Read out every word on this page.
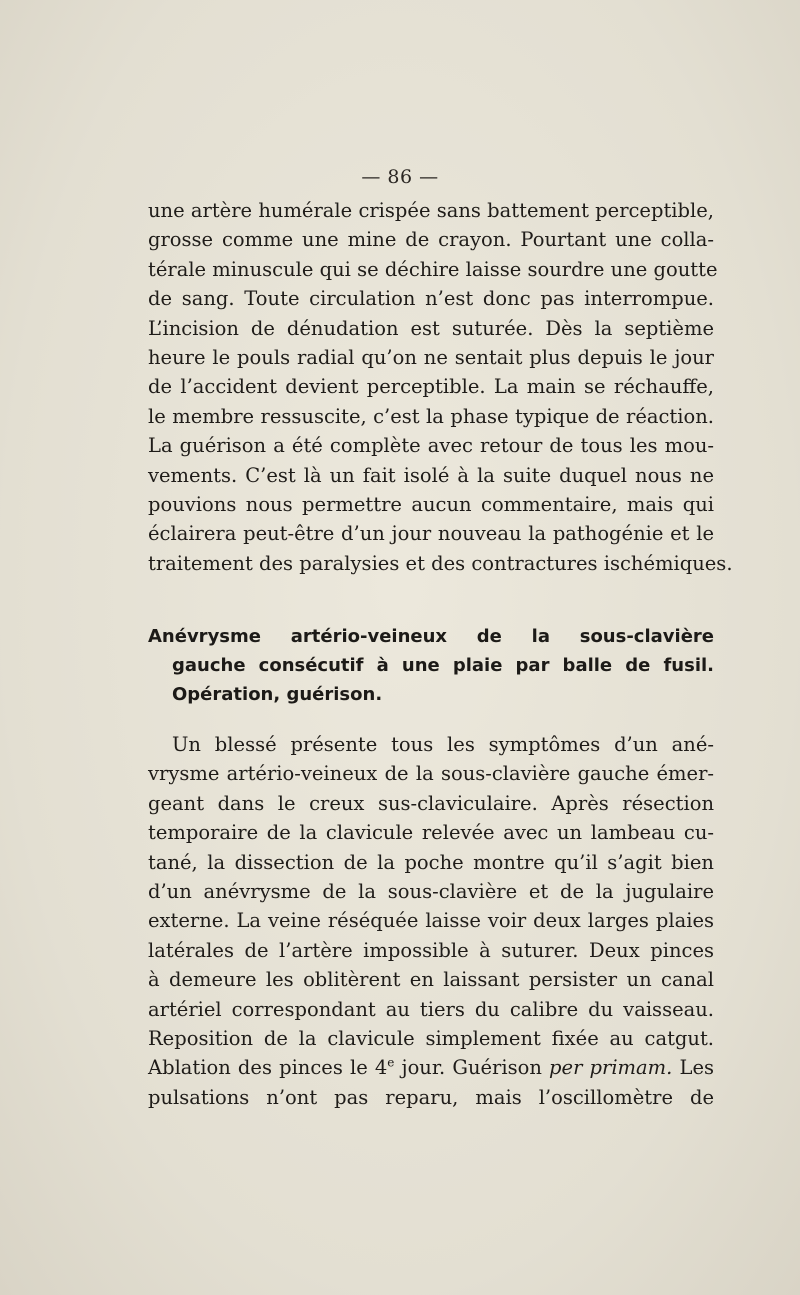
— 86 —
une artère humérale crispée sans battement perceptible,
grosse comme une mine de crayon. Pourtant une colla-
térale minuscule qui se déchire laisse sourdre une goutte
de sang. Toute circulation n’est donc pas interrompue.
L’incision de dénudation est suturée. Dès la septième
heure le pouls radial qu’on ne sentait plus depuis le jour
de l’accident devient perceptible. La main se réchauffe,
le membre ressuscite, c’est la phase typique de réaction.
La guérison a été complète avec retour de tous les mou-
vements. C’est là un fait isolé à la suite duquel nous ne
pouvions nous permettre aucun commentaire, mais qui
éclairera peut-être d’un jour nouveau la pathogénie et le
traitement des paralysies et des contractures ischémiques.
Anévrysme artério-veineux de la sous-clavière
gauche consécutif à une plaie par balle de fusil.
Opération, guérison.
Un blessé présente tous les symptômes d’un ané-
vrysme artério-veineux de la sous-clavière gauche émer-
geant dans le creux sus-claviculaire. Après résection
temporaire de la clavicule relevée avec un lambeau cu-
tané, la dissection de la poche montre qu’il s’agit bien
d’un anévrysme de la sous-clavière et de la jugulaire
externe. La veine réséquée laisse voir deux larges plaies
latérales de l’artère impossible à suturer. Deux pinces
à demeure les oblitèrent en laissant persister un canal
artériel correspondant au tiers du calibre du vaisseau.
Reposition de la clavicule simplement fixée au catgut.
Ablation des pinces le 4e jour. Guérison per primam. Les
pulsations n’ont pas reparu, mais l’oscillomètre de
